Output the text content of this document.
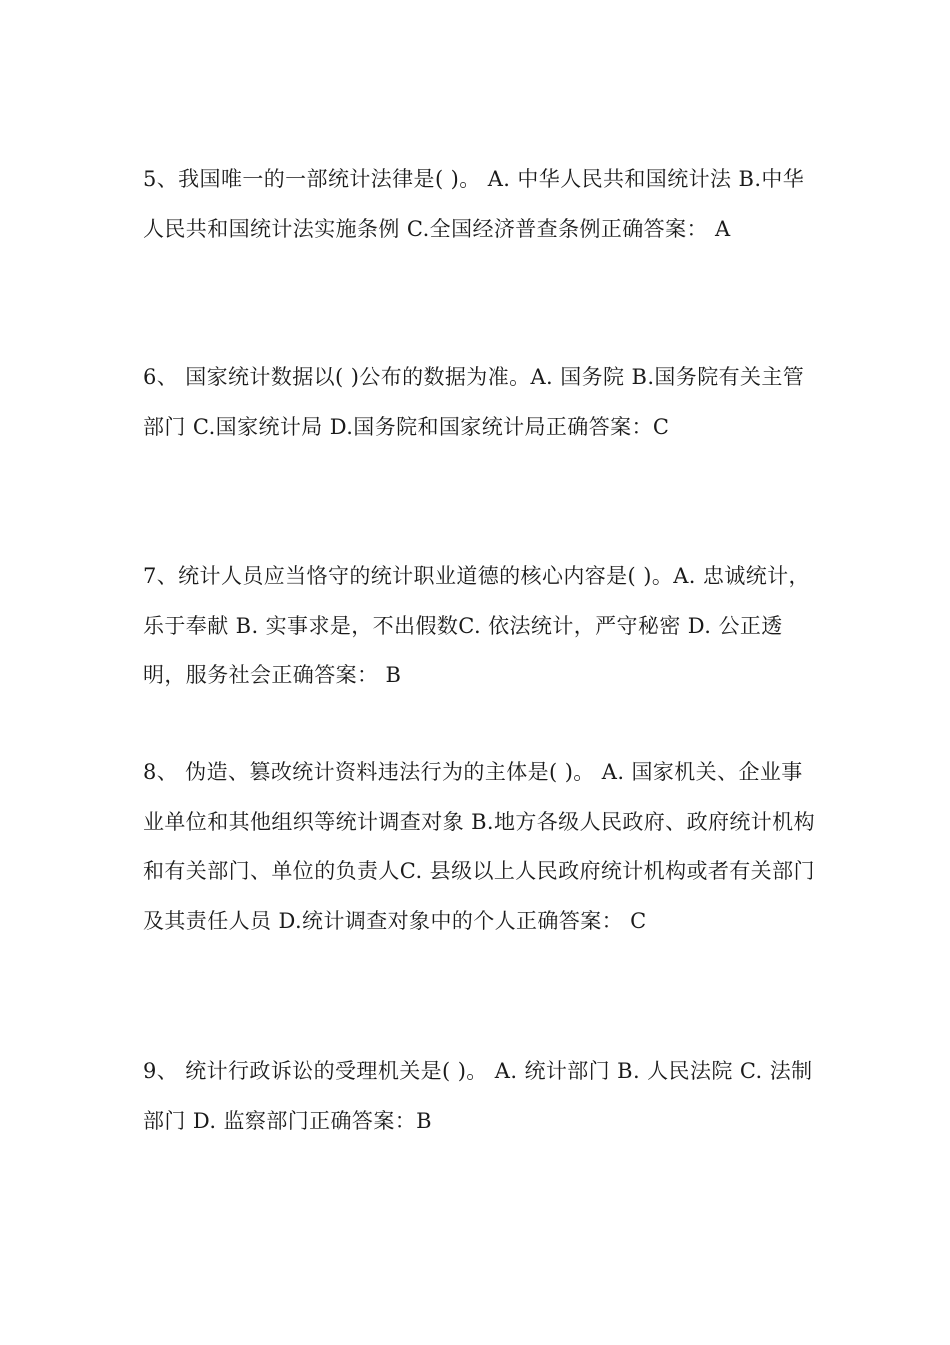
5、我国唯一的一部统计法律是( )。 A. 中华人民共和国统计法 B.中华人民共和国统计法实施条例 C.全国经济普查条例正确答案： A

6、 国家统计数据以( )公布的数据为准。A. 国务院 B.国务院有关主管部门 C.国家统计局 D.国务院和国家统计局正确答案：C

7、统计人员应当恪守的统计职业道德的核心内容是( )。A. 忠诚统计，乐于奉献 B. 实事求是，不出假数C. 依法统计，严守秘密 D. 公正透明，服务社会正确答案： B

8、 伪造、篡改统计资料违法行为的主体是( )。 A. 国家机关、企业事业单位和其他组织等统计调查对象 B.地方各级人民政府、政府统计机构和有关部门、单位的负责人C. 县级以上人民政府统计机构或者有关部门及其责任人员 D.统计调查对象中的个人正确答案： C

9、 统计行政诉讼的受理机关是( )。 A. 统计部门 B. 人民法院 C. 法制部门 D. 监察部门正确答案：B
